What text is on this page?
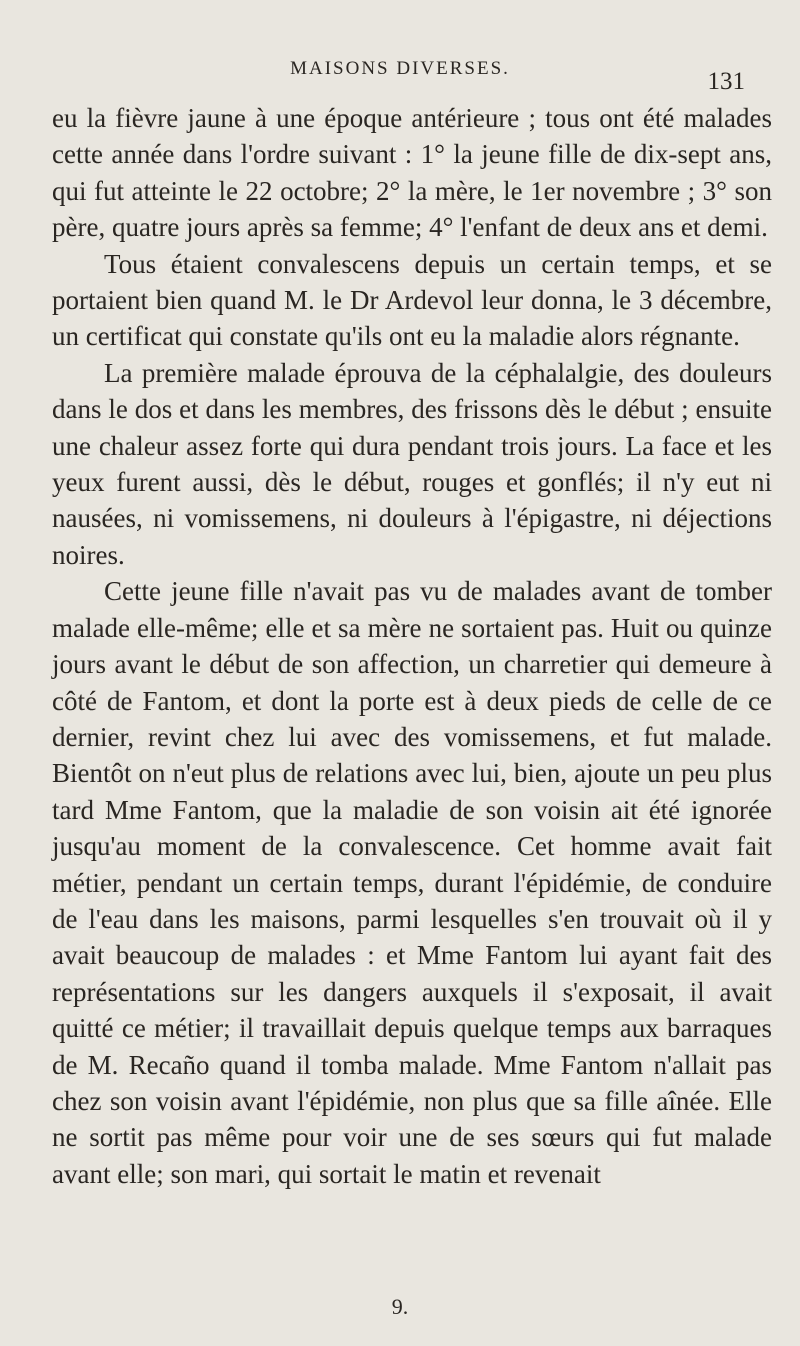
MAISONS DIVERSES.	131

eu la fièvre jaune à une époque antérieure ; tous ont été malades cette année dans l'ordre suivant : 1° la jeune fille de dix-sept ans, qui fut atteinte le 22 octobre; 2° la mère, le 1er novembre ; 3° son père, quatre jours après sa femme; 4° l'enfant de deux ans et demi.

Tous étaient convalescens depuis un certain temps, et se portaient bien quand M. le Dr Ardevol leur donna, le 3 décembre, un certificat qui constate qu'ils ont eu la maladie alors régnante.

La première malade éprouva de la céphalalgie, des douleurs dans le dos et dans les membres, des frissons dès le début ; ensuite une chaleur assez forte qui dura pendant trois jours. La face et les yeux furent aussi, dès le début, rouges et gonflés; il n'y eut ni nausées, ni vomissemens, ni douleurs à l'épigastre, ni déjections noires.

Cette jeune fille n'avait pas vu de malades avant de tomber malade elle-même; elle et sa mère ne sortaient pas. Huit ou quinze jours avant le début de son affection, un charretier qui demeure à côté de Fantom, et dont la porte est à deux pieds de celle de ce dernier, revint chez lui avec des vomissemens, et fut malade. Bientôt on n'eut plus de relations avec lui, bien, ajoute un peu plus tard Mme Fantom, que la maladie de son voisin ait été ignorée jusqu'au moment de la convalescence. Cet homme avait fait métier, pendant un certain temps, durant l'épidémie, de conduire de l'eau dans les maisons, parmi lesquelles s'en trouvait où il y avait beaucoup de malades : et Mme Fantom lui ayant fait des représentations sur les dangers auxquels il s'exposait, il avait quitté ce métier; il travaillait depuis quelque temps aux barraques de M. Recaño quand il tomba malade. Mme Fantom n'allait pas chez son voisin avant l'épidémie, non plus que sa fille aînée. Elle ne sortit pas même pour voir une de ses sœurs qui fut malade avant elle; son mari, qui sortait le matin et revenait

9.
